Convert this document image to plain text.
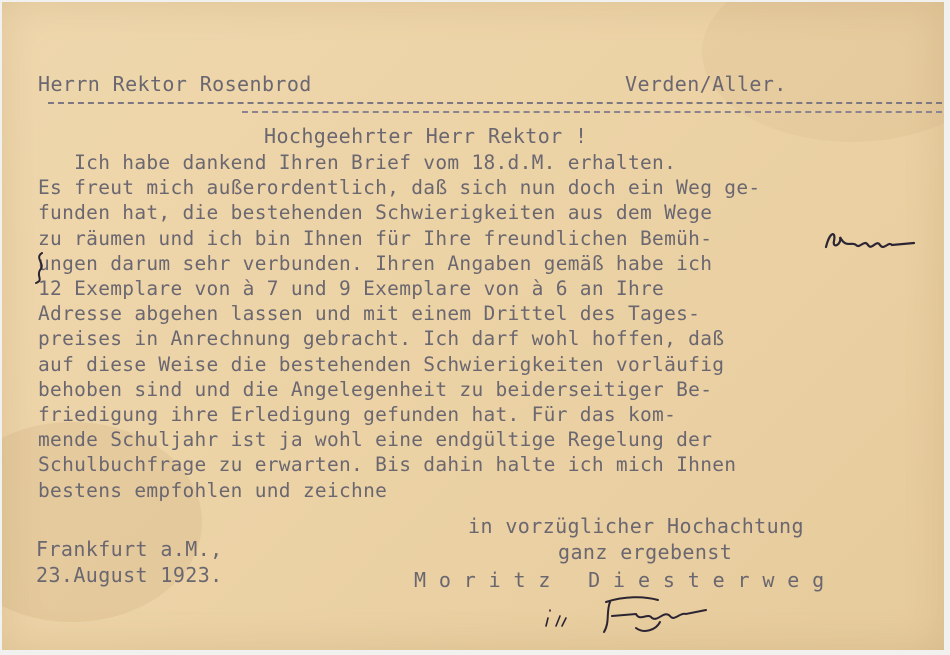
Herrn Rektor Rosenbrod	Verden/Aller.
Hochgeehrter Herr Rektor !
Ich habe dankend Ihren Brief vom 18.d.M. erhalten.
Es freut mich außerordentlich, daß sich nun doch ein Weg ge-
funden hat, die bestehenden Schwierigkeiten aus dem Wege
zu räumen und ich bin Ihnen für Ihre freundlichen Bemüh-
ungen darum sehr verbunden. Ihren Angaben gemäß habe ich
12 Exemplare von à 7 und 9 Exemplare von à 6 an Ihre
Adresse abgehen lassen und mit einem Drittel des Tages-
preises in Anrechnung gebracht. Ich darf wohl hoffen, daß
auf diese Weise die bestehenden Schwierigkeiten vorläufig
behoben sind und die Angelegenheit zu beiderseitiger Be-
friedigung ihre Erledigung gefunden hat. Für das kom-
mende Schuljahr ist ja wohl eine endgültige Regelung der
Schulbuchfrage zu erwarten. Bis dahin halte ich mich Ihnen
bestens empfohlen und zeichne
in vorzüglicher Hochachtung
ganz ergebenst
Frankfurt a.M.,
23.August 1923.	M o r i t z   D i e s t e r w e g
